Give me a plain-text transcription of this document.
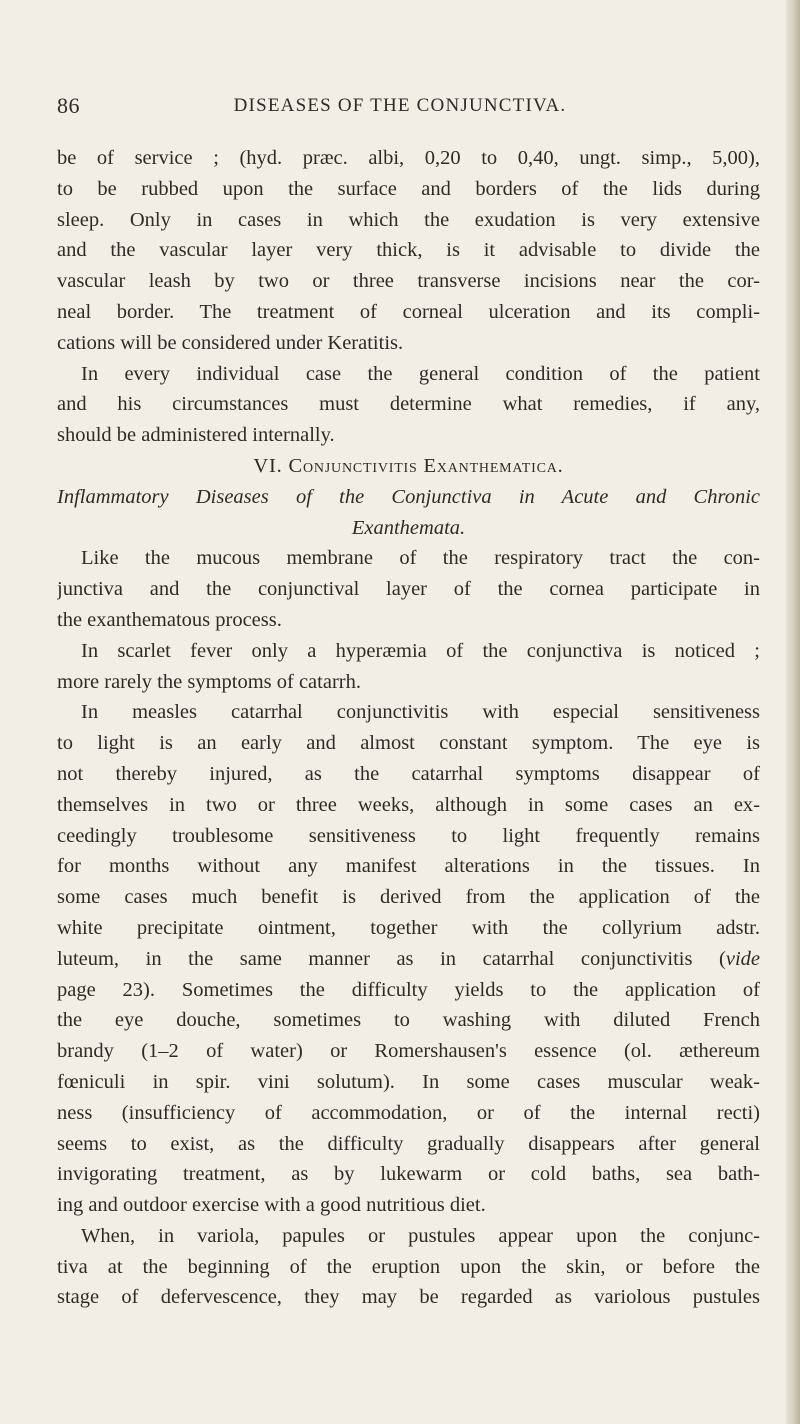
86	DISEASES OF THE CONJUNCTIVA.
be of service ; (hyd. præc. albi, 0,20 to 0,40, ungt. simp., 5,00),
to be rubbed upon the surface and borders of the lids during
sleep. Only in cases in which the exudation is very extensive
and the vascular layer very thick, is it advisable to divide the
vascular leash by two or three transverse incisions near the cor-
neal border. The treatment of corneal ulceration and its compli-
cations will be considered under Keratitis.
In every individual case the general condition of the patient
and his circumstances must determine what remedies, if any,
should be administered internally.
VI. Conjunctivitis Exanthematica.
Inflammatory Diseases of the Conjunctiva in Acute and Chronic
Exanthemata.
Like the mucous membrane of the respiratory tract the con-
junctiva and the conjunctival layer of the cornea participate in
the exanthematous process.
In scarlet fever only a hyperæmia of the conjunctiva is noticed ;
more rarely the symptoms of catarrh.
In measles catarrhal conjunctivitis with especial sensitiveness
to light is an early and almost constant symptom. The eye is
not thereby injured, as the catarrhal symptoms disappear of
themselves in two or three weeks, although in some cases an ex-
ceedingly troublesome sensitiveness to light frequently remains
for months without any manifest alterations in the tissues. In
some cases much benefit is derived from the application of the
white precipitate ointment, together with the collyrium adstr.
luteum, in the same manner as in catarrhal conjunctivitis (vide
page 23). Sometimes the difficulty yields to the application of
the eye douche, sometimes to washing with diluted French
brandy (1–2 of water) or Romershausen's essence (ol. æthereum
fœniculi in spir. vini solutum). In some cases muscular weak-
ness (insufficiency of accommodation, or of the internal recti)
seems to exist, as the difficulty gradually disappears after general
invigorating treatment, as by lukewarm or cold baths, sea bath-
ing and outdoor exercise with a good nutritious diet.
When, in variola, papules or pustules appear upon the conjunc-
tiva at the beginning of the eruption upon the skin, or before the
stage of defervescence, they may be regarded as variolous pustules
